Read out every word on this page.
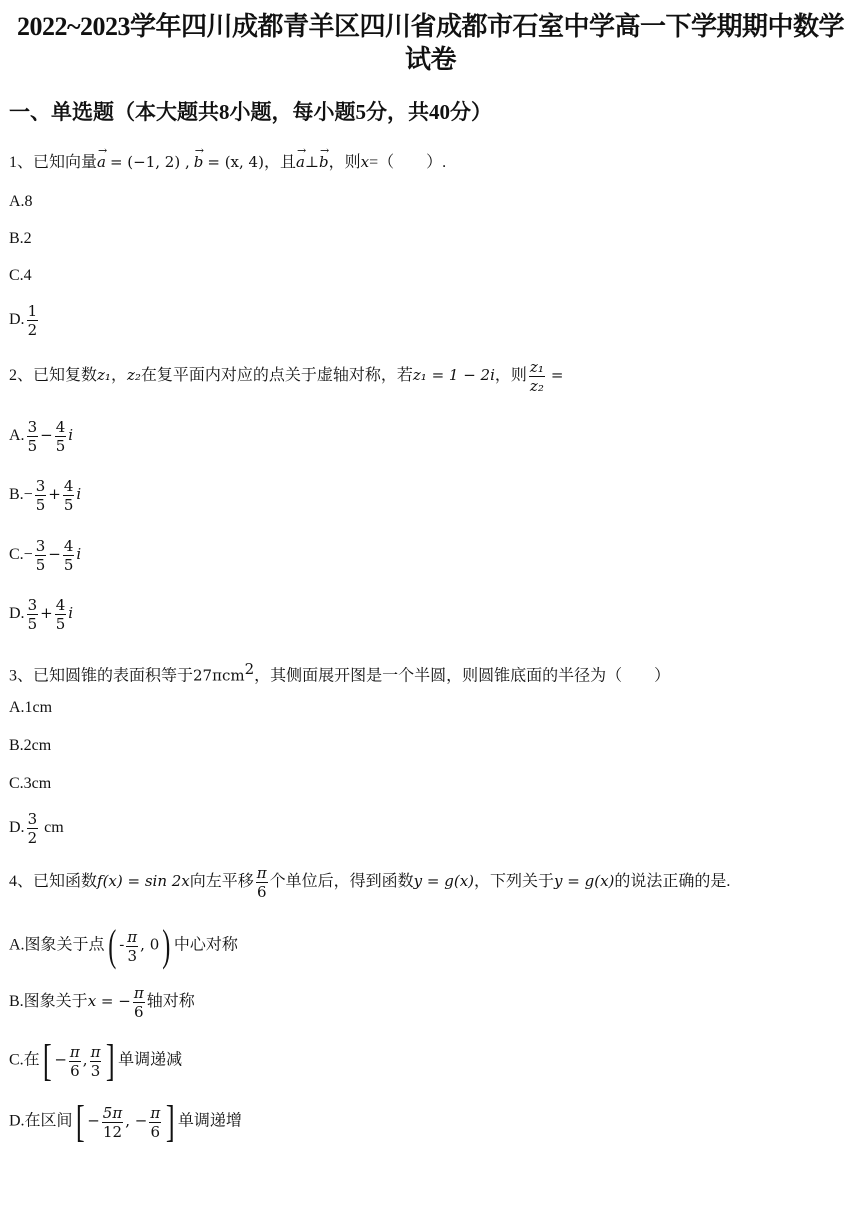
2022~2023学年四川成都青羊区四川省成都市石室中学高一下学期期中数学试卷
一、单选题（本大题共8小题，每小题5分，共40分）
1、已知向量→ a = (−1, 2) , → b = (x, 4)，且→ a⊥→ b，则x=（　　）.
A.8
B.2
C.4
D. $\frac{1}{2}$
2、已知复数z₁，z₂在复平面内对应的点关于虚轴对称，若z₁ = 1 − 2i，则 $\frac{\text{z₁}}{\text{z₂}}$ =
A. $\frac{3}{5} - \frac{4}{5}$ i
$B.- \frac{3}{5} + \frac{4}{5}$ i
$C.- \frac{3}{5} - \frac{4}{5}$ i
D. $\frac{3}{5} + \frac{4}{5}$ i
3、已知圆锥的表面积等于27πcm$^2$，其侧面展开图是一个半圆，则圆锥底面的半径为（　　）
A.1cm
B.2cm
C.3cm
D. $\frac{3}{2}$ cm
4、已知函数f(x) = sin 2x向左平移 $\frac{\pi}{6}$ 个单位后，得到函数y = g(x)，下列关于y = g(x)的说法正确的是.
A.图象关于点( - $\frac{\pi}{3}$ , 0) 中心对称
B.图象关于x = − $\frac{\pi}{6}$ 轴对称
C.在[ − $\frac{\pi}{6}$ , $\frac{\pi}{3}$ ] 单调递减
D.在区间[ − $\frac{5\pi}{12}$ , − $\frac{\pi}{6}$ ] 单调递增
